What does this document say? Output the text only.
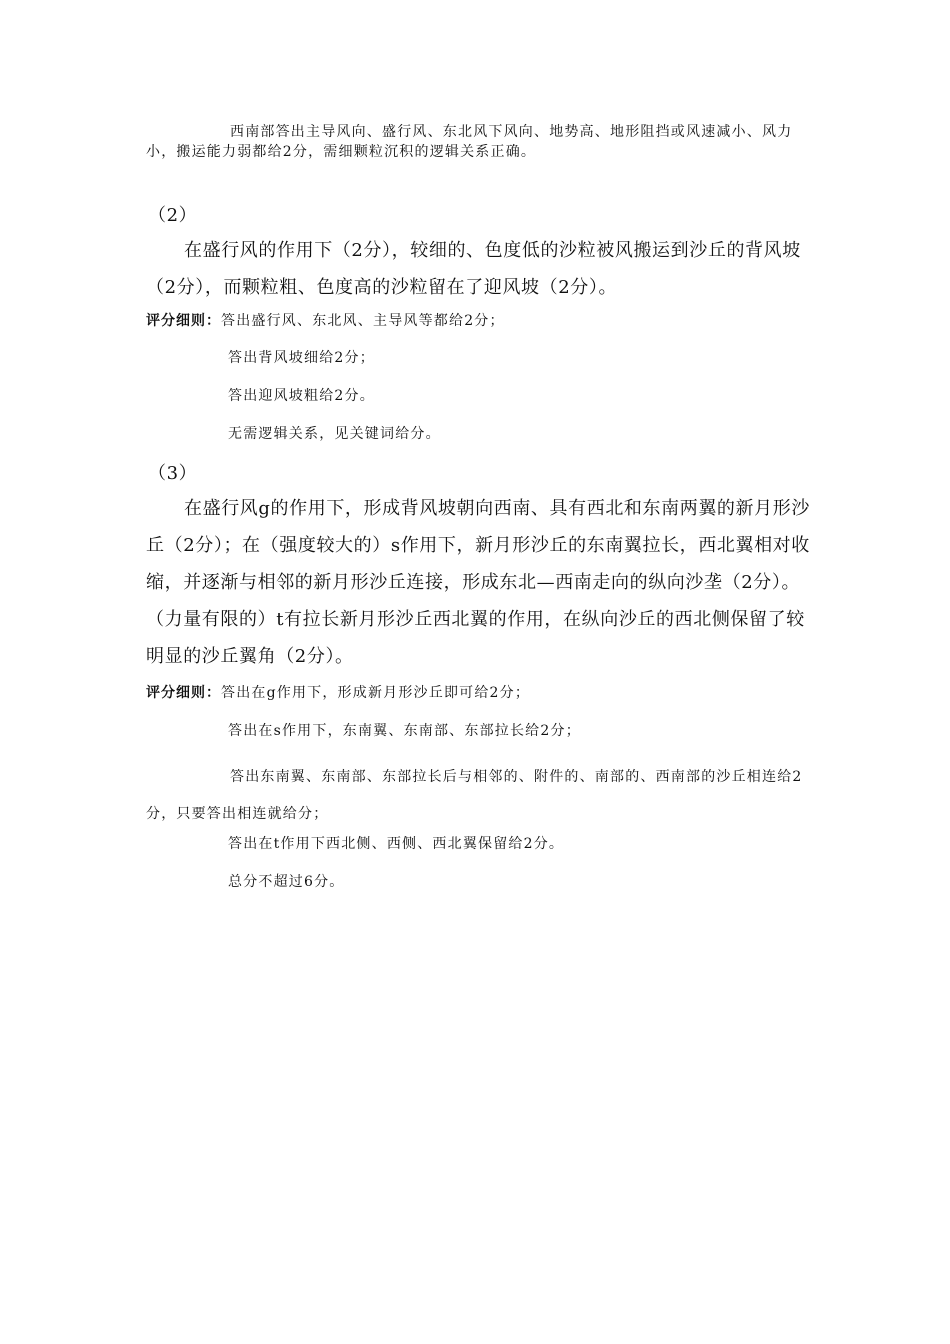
西南部答出主导风向、盛行风、东北风下风向、地势高、地形阻挡或风速减小、风力小，搬运能力弱都给2分，需细颗粒沉积的逻辑关系正确。

（2）

在盛行风的作用下（2分），较细的、色度低的沙粒被风搬运到沙丘的背风坡（2分），而颗粒粗、色度高的沙粒留在了迎风坡（2分）。

评分细则：答出盛行风、东北风、主导风等都给2分；

答出背风坡细给2分；

答出迎风坡粗给2分。

无需逻辑关系，见关键词给分。

（3）

在盛行风g的作用下，形成背风坡朝向西南、具有西北和东南两翼的新月形沙丘（2分）；在（强度较大的）s作用下，新月形沙丘的东南翼拉长，西北翼相对收缩，并逐渐与相邻的新月形沙丘连接，形成东北—西南走向的纵向沙垄（2分）。（力量有限的）t有拉长新月形沙丘西北翼的作用，在纵向沙丘的西北侧保留了较明显的沙丘翼角（2分）。

评分细则：答出在g作用下，形成新月形沙丘即可给2分；

答出在s作用下，东南翼、东南部、东部拉长给2分；

答出东南翼、东南部、东部拉长后与相邻的、附件的、南部的、西南部的沙丘相连给2分，只要答出相连就给分；

答出在t作用下西北侧、西侧、西北翼保留给2分。

总分不超过6分。
